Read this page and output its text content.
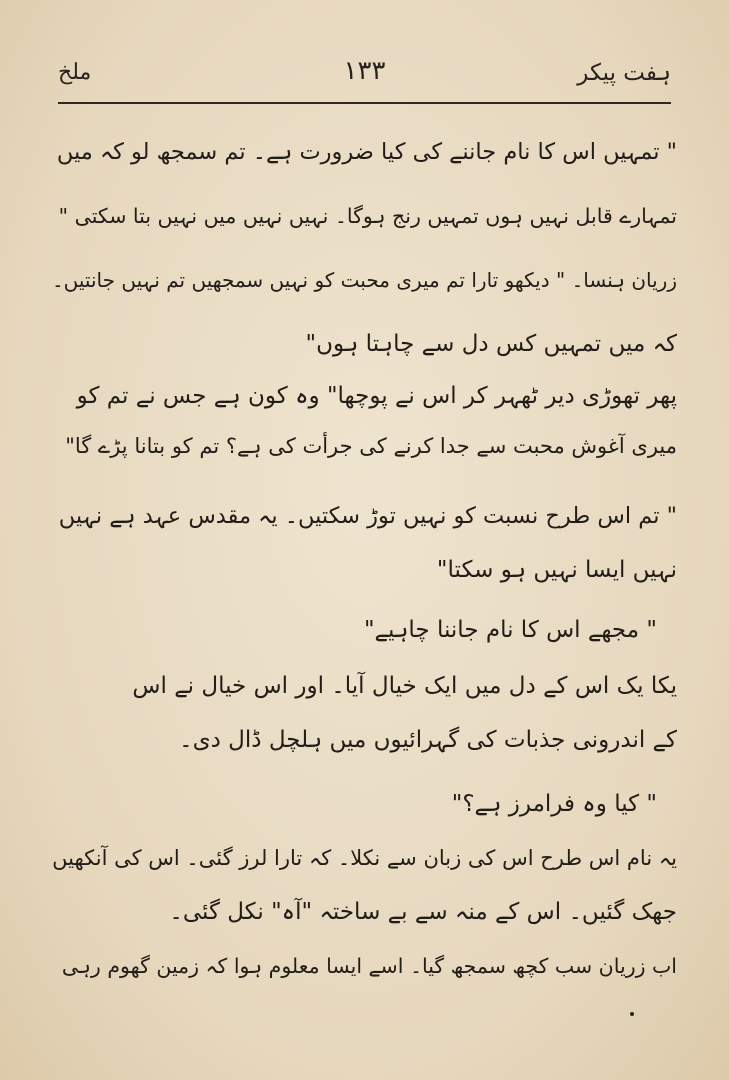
ہفت پیکر
۱۳۳
ملخ
" تمہیں اس کا نام جاننے کی کیا ضرورت ہے۔ تم سمجھ لو کہ میں
تمہارے قابل نہیں ہوں تمہیں رنج ہوگا۔ نہیں نہیں میں نہیں بتا سکتی "
زریان ہنسا۔ " دیکھو تارا تم میری محبت کو نہیں سمجھیں تم نہیں جانتیں۔
کہ میں تمہیں کس دل سے چاہتا ہوں"
پھر تھوڑی دیر ٹھہر کر اس نے پوچھا" وہ کون ہے جس نے تم کو
میری آغوش محبت سے جدا کرنے کی جرأت کی ہے؟ تم کو بتانا پڑے گا"
" تم اس طرح نسبت کو نہیں توڑ سکتیں۔ یہ مقدس عہد ہے نہیں
نہیں ایسا نہیں ہو سکتا"
" مجھے اس کا نام جاننا چاہیے"
یکا یک اس کے دل میں ایک خیال آیا۔ اور اس خیال نے اس
کے اندرونی جذبات کی گہرائیوں میں ہلچل ڈال دی۔
" کیا وہ فرامرز ہے؟"
یہ نام اس طرح اس کی زبان سے نکلا۔ کہ تارا لرز گئی۔ اس کی آنکھیں
جھک گئیں۔ اس کے منہ سے بے ساختہ "آہ" نکل گئی۔
اب زریان سب کچھ سمجھ گیا۔ اسے ایسا معلوم ہوا کہ زمین گھوم رہی
